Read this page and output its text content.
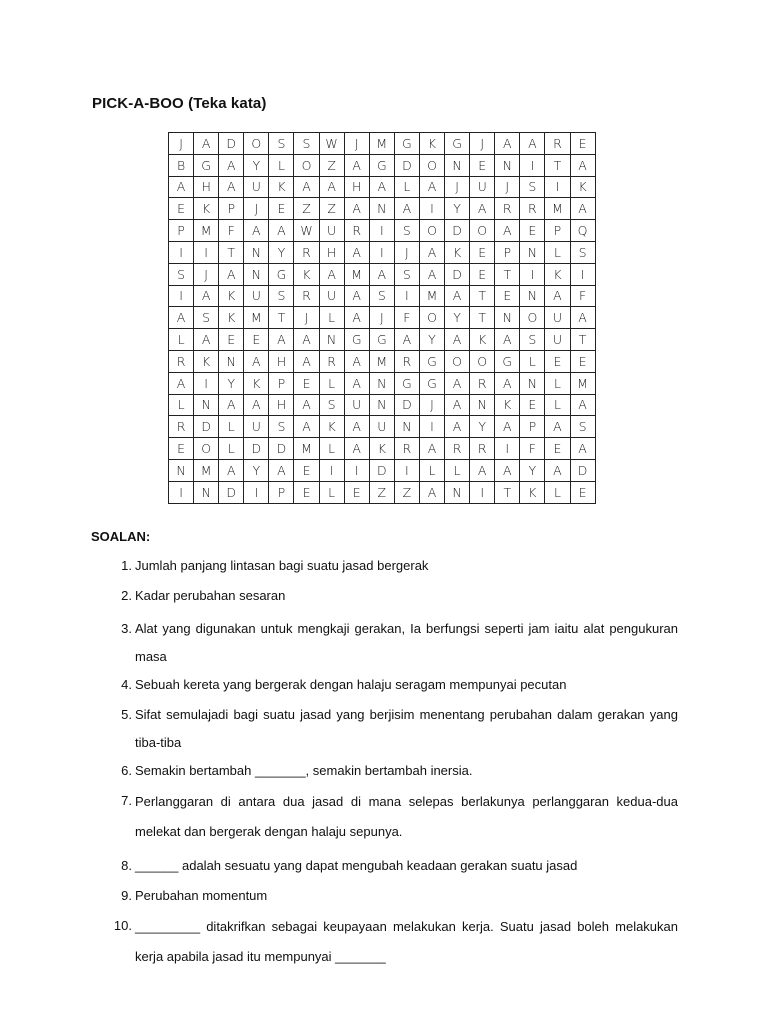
PICK-A-BOO (Teka kata)
J	A	D	O	S	S	W	J	M	G	K	G	J	A	A	R	E
B	G	A	Y	L	O	Z	A	G	D	O	N	E	N	I	T	A
A	H	A	U	K	A	A	H	A	L	A	J	U	J	S	I	K
E	K	P	J	E	Z	Z	A	N	A	I	Y	A	R	R	M	A
P	M	F	A	A	W	U	R	I	S	O	D	O	A	E	P	Q
I	I	T	N	Y	R	H	A	I	J	A	K	E	P	N	L	S
S	J	A	N	G	K	A	M	A	S	A	D	E	T	I	K	I
I	A	K	U	S	R	U	A	S	I	M	A	T	E	N	A	F
A	S	K	M	T	J	L	A	J	F	O	Y	T	N	O	U	A
L	A	E	E	A	A	N	G	G	A	Y	A	K	A	S	U	T
R	K	N	A	H	A	R	A	M	R	G	O	O	G	L	E	E
A	I	Y	K	P	E	L	A	N	G	G	A	R	A	N	L	M
L	N	A	A	H	A	S	U	N	D	J	A	N	K	E	L	A
R	D	L	U	S	A	K	A	U	N	I	A	Y	A	P	A	S
E	O	L	D	D	M	L	A	K	R	A	R	R	I	F	E	A
N	M	A	Y	A	E	I	I	D	I	L	L	A	A	Y	A	D
I	N	D	I	P	E	L	E	Z	Z	A	N	I	T	K	L	E
SOALAN:
1. Jumlah panjang lintasan bagi suatu jasad bergerak
2. Kadar perubahan sesaran
3. Alat yang digunakan untuk mengkaji gerakan, Ia berfungsi seperti jam iaitu alat pengukuran masa
4. Sebuah kereta yang bergerak dengan halaju seragam mempunyai pecutan
5. Sifat semulajadi bagi suatu jasad yang berjisim menentang perubahan dalam gerakan yang tiba-tiba
6. Semakin bertambah _______, semakin bertambah inersia.
7. Perlanggaran di antara dua jasad di mana selepas berlakunya perlanggaran kedua-dua melekat dan bergerak dengan halaju sepunya.
8. ______ adalah sesuatu yang dapat mengubah keadaan gerakan suatu jasad
9. Perubahan momentum
10. _________ ditakrifkan sebagai keupayaan melakukan kerja. Suatu jasad boleh melakukan kerja apabila jasad itu mempunyai _______
